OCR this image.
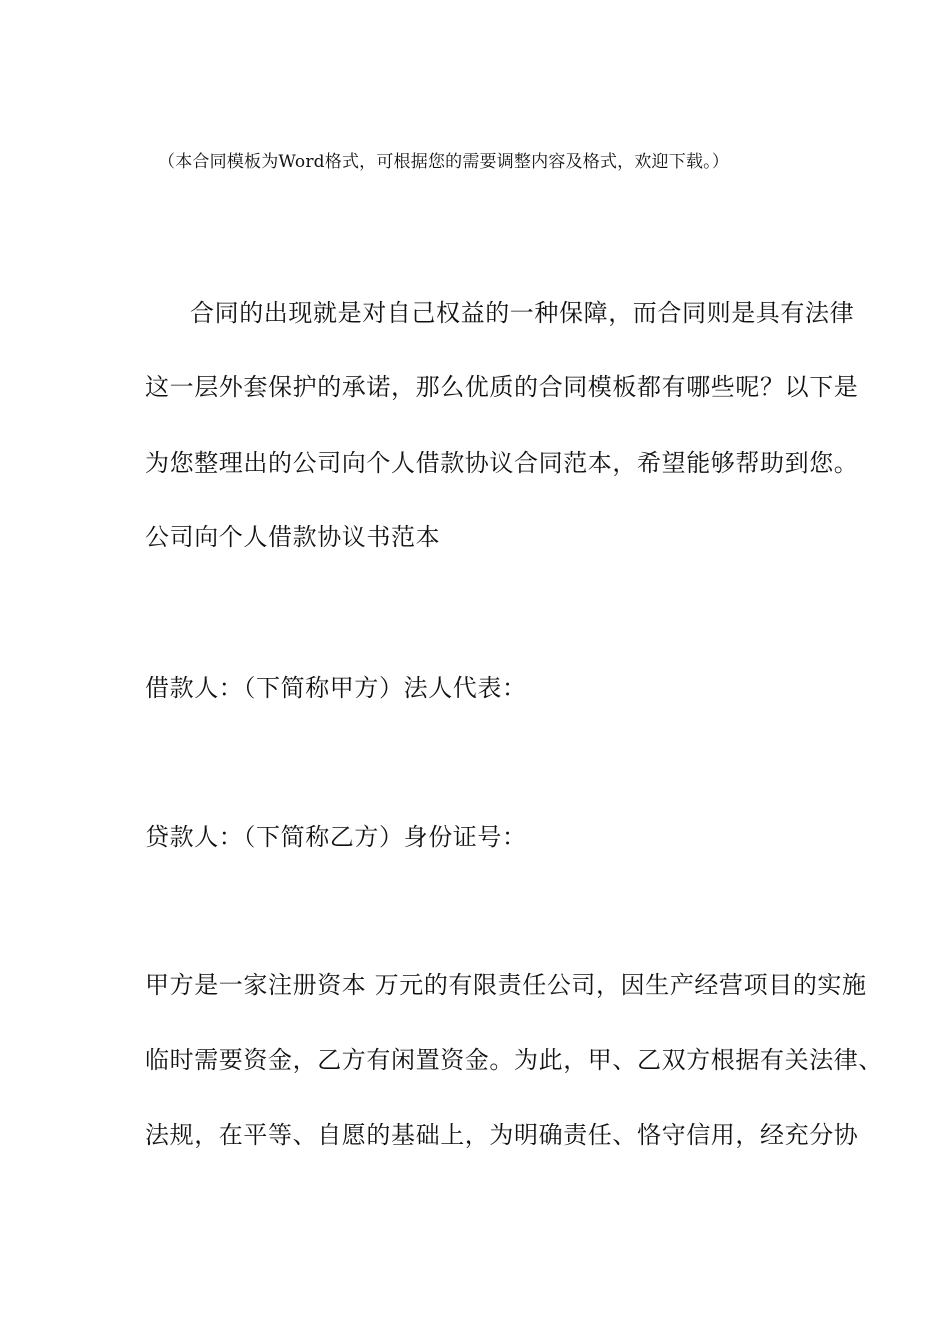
（本合同模板为Word格式，可根据您的需要调整内容及格式，欢迎下载。）
合同的出现就是对自己权益的一种保障，而合同则是具有法律
这一层外套保护的承诺，那么优质的合同模板都有哪些呢？以下是
为您整理出的公司向个人借款协议合同范本，希望能够帮助到您。
公司向个人借款协议书范本
借款人：（下简称甲方）法人代表：
贷款人：（下简称乙方）身份证号：
甲方是一家注册资本 万元的有限责任公司，因生产经营项目的实施
临时需要资金，乙方有闲置资金。为此，甲、乙双方根据有关法律、
法规，在平等、自愿的基础上，为明确责任、恪守信用，经充分协
